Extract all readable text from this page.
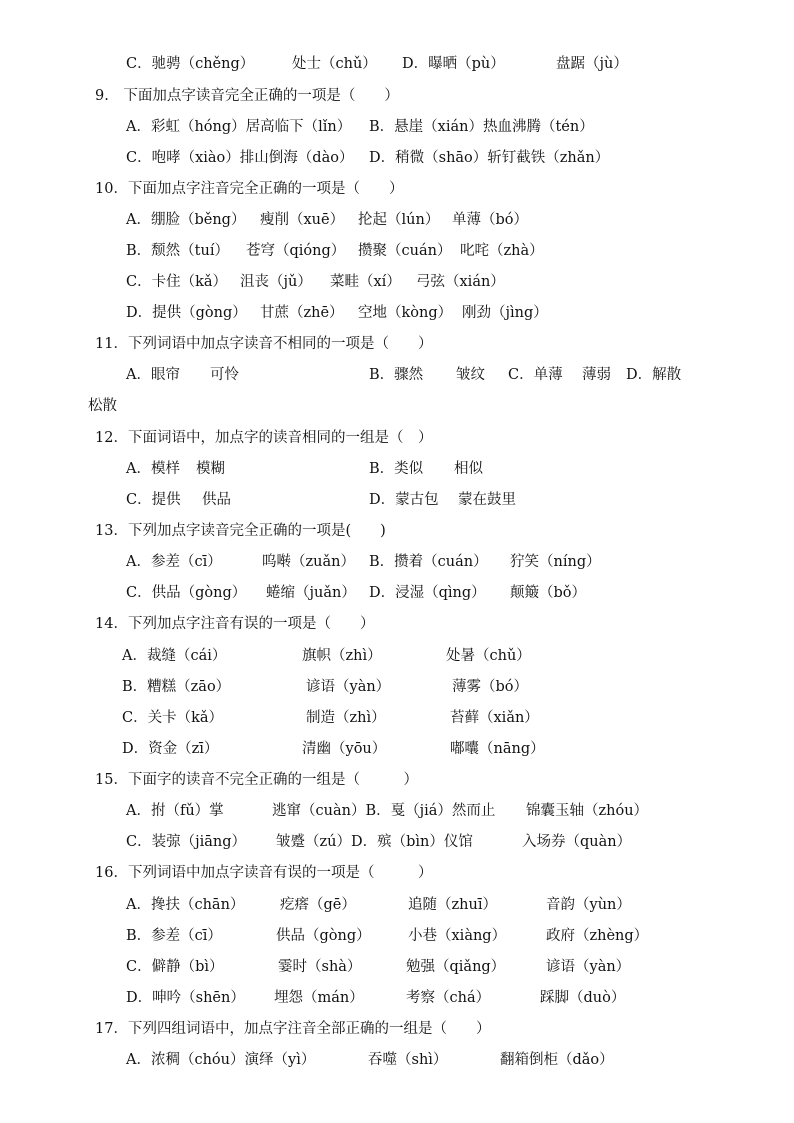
C．驰骋（chěng）	处士（chǔ） D．曝晒（pù）	盘踞（jù）
9.　下面加点字读音完全正确的一项是（　　）
A．彩虹（hóng）居高临下（lǐn） B．悬崖（xián）热血沸腾（tén）
C．咆哮（xiào）排山倒海（dào） D．稍微（shāo）斩钉截铁（zhǎn）
10．下面加点字注音完全正确的一项是（　　）
A．绷脸（běng） 瘦削（xuē） 抡起（lún） 单薄（bó）
B．颓然（tuí） 苍穹（qióng） 攒聚（cuán） 叱咤（zhà）
C．卡住（kǎ） 沮丧（jǔ） 菜畦（xí） 弓弦（xián）
D．提供（gòng） 甘蔗（zhē） 空地（kòng） 刚劲（jìng）
11．下列词语中加点字读音不相同的一项是（　　）
A．眼帘 可怜	B．骤然 皱纹 C．单薄 薄弱 D．解散
松散
12．下面词语中，加点字的读音相同的一组是（　）
A．模样 模糊	B．类似 相似
C．提供 供品	D．蒙古包 蒙在鼓里
13．下列加点字读音完全正确的一项是(　　)
A．参差（cī）	呜啭（zuǎn） B．攒着（cuán） 狞笑（níng）
C．供品（gòng） 蜷缩（juǎn） D．浸湿（qìng） 颠簸（bǒ）
14．下列加点字注音有误的一项是（　　）
A．裁缝（cái）	旗帜（zhì）	处暑（chǔ）
B．糟糕（zāo）	谚语（yàn）	薄雾（bó）
C．关卡（kǎ）	制造（zhì）	苔藓（xiǎn）
D．资金（zī）	清幽（yōu）	嘟囔（nāng）
15．下面字的读音不完全正确的一组是（　　　）
A．拊（fǔ）掌	逃窜（cuàn）B．戛（jiá）然而止 锦囊玉轴（zhóu）
C．装弶（jiāng） 皱蹙（zú）D．殡（bìn）仪馆	入场券（quàn）
16．下列词语中加点字读音有误的一项是（　　　）
A．搀扶（chān） 疙瘩（gē）	追随（zhuī）	音韵（yùn）
B．参差（cī）	供品（gòng）	小巷（xiàng）	政府（zhèng）
C．僻静（bì）	霎时（shà）	勉强（qiǎng）	谚语（yàn）
D．呻吟（shēn） 埋怨（mán）	考察（chá）	踩脚（duò）
17．下列四组词语中，加点字注音全部正确的一组是（　　）
A．浓稠（chóu）演绎（yì）	吞噬（shì）	翻箱倒柜（dǎo）
